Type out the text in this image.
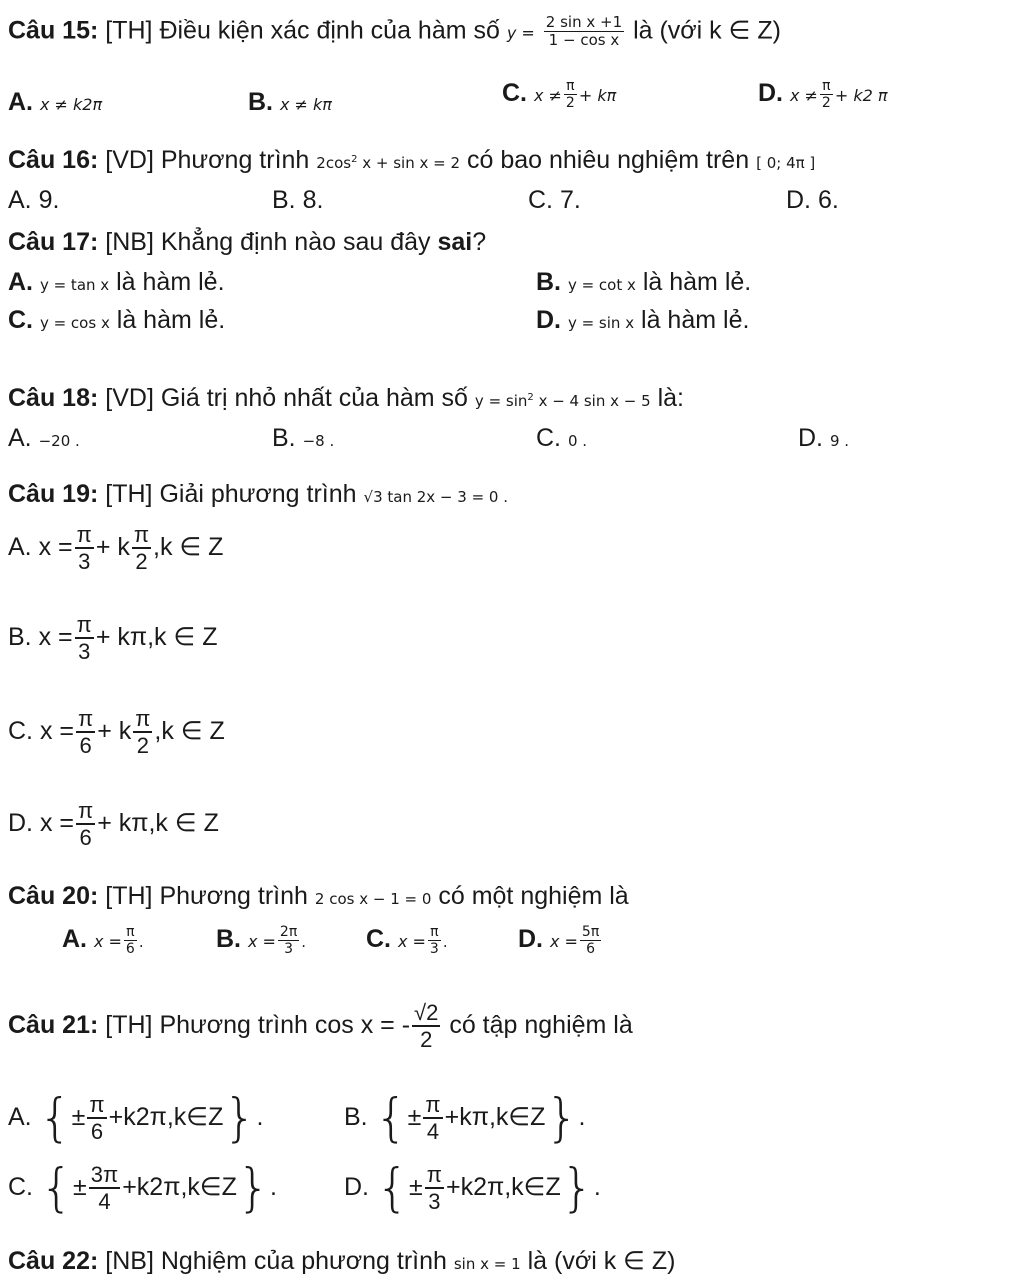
Câu 15: [TH] Điều kiện xác định của hàm số $y = \frac{\text{2 sin x +1}}{\text{1 − cos x}}$ là (với k ∈ Z)
A. x ≠ k2π	B. x ≠ kπ	C. $x \ne \frac{\pi}{2} + k\pi$	D. $x \ne \frac{\pi}{2} + k2$ π
Câu 16: [VD] Phương trình $2\cos^2$ x + sin x = 2 có bao nhiêu nghiệm trên [ 0; 4π ]
A. 9.	B. 8.	C. 7.	D. 6.
Câu 17: [NB] Khẳng định nào sau đây sai?
A. y = tan x là hàm lẻ.	B. y = cot x là hàm lẻ.
C. y = cos x là hàm lẻ.	D. y = sin x là hàm lẻ.
Câu 18: [VD] Giá trị nhỏ nhất của hàm số $y = \sin^2 x - 4$ sin x − 5 là:
A. −20 .	B. −8 .	C. 0 .	D. 9 .
Câu 19: [TH] Giải phương trình √3 tan 2x − 3 = 0 .
A. $x = \frac{\pi}{3} + k \frac{\pi}{2} ,k$ ∈ Z
B. $x = \frac{\pi}{3} + k\pi,k$ ∈ Z
C. $x = \frac{\pi}{6} + k \frac{\pi}{2} ,k$ ∈ Z
D. $x = \frac{\pi}{6} + k\pi,k$ ∈ Z
Câu 20: [TH] Phương trình 2 cos x − 1 = 0 có một nghiệm là
A. $x = \frac{\pi}{6}$ .	B. $x = \frac{2\pi}{3}$ . C. $x = \frac{\pi}{3}$ .	D. $x = \frac{5\pi}{6}$
Câu 21: [TH] Phương trình cos x = - $\frac{√2}{2}$ có tập nghiệm là
A. {± $\frac{\pi}{6}$ +k2π,k∈Z}.	B. {± $\frac{\pi}{4}$ +kπ,k∈Z}.
C. {± $\frac{3\pi}{4}$ +k2π,k∈Z}.	D. {± $\frac{\pi}{3}$ +k2π,k∈Z}.
Câu 22: [NB] Nghiệm của phương trình sin x = 1 là (với k ∈ Z)
